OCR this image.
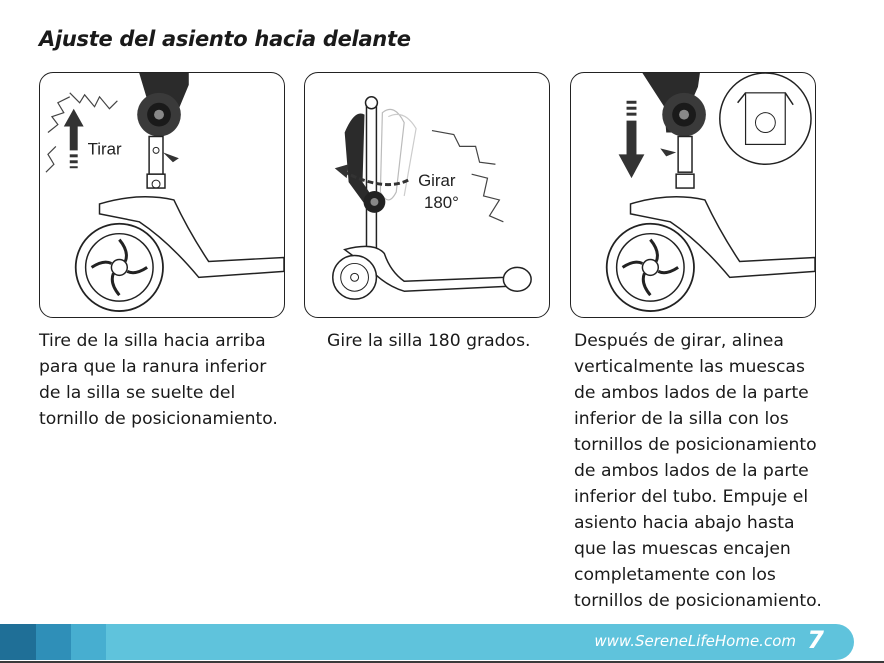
Ajuste del asiento hacia delante
Tirar
Girar
180°
Tire de la silla hacia arriba
para que la ranura inferior
de la silla se suelte del
tornillo de posicionamiento.
Gire la silla 180 grados.	Después de girar, alinea
verticalmente las muescas
de ambos lados de la parte
inferior de la silla con los
tornillos de posicionamiento
de ambos lados de la parte
inferior del tubo. Empuje el
asiento hacia abajo hasta
que las muescas encajen
completamente con los
tornillos de posicionamiento.
www.SereneLifeHome.com 7
